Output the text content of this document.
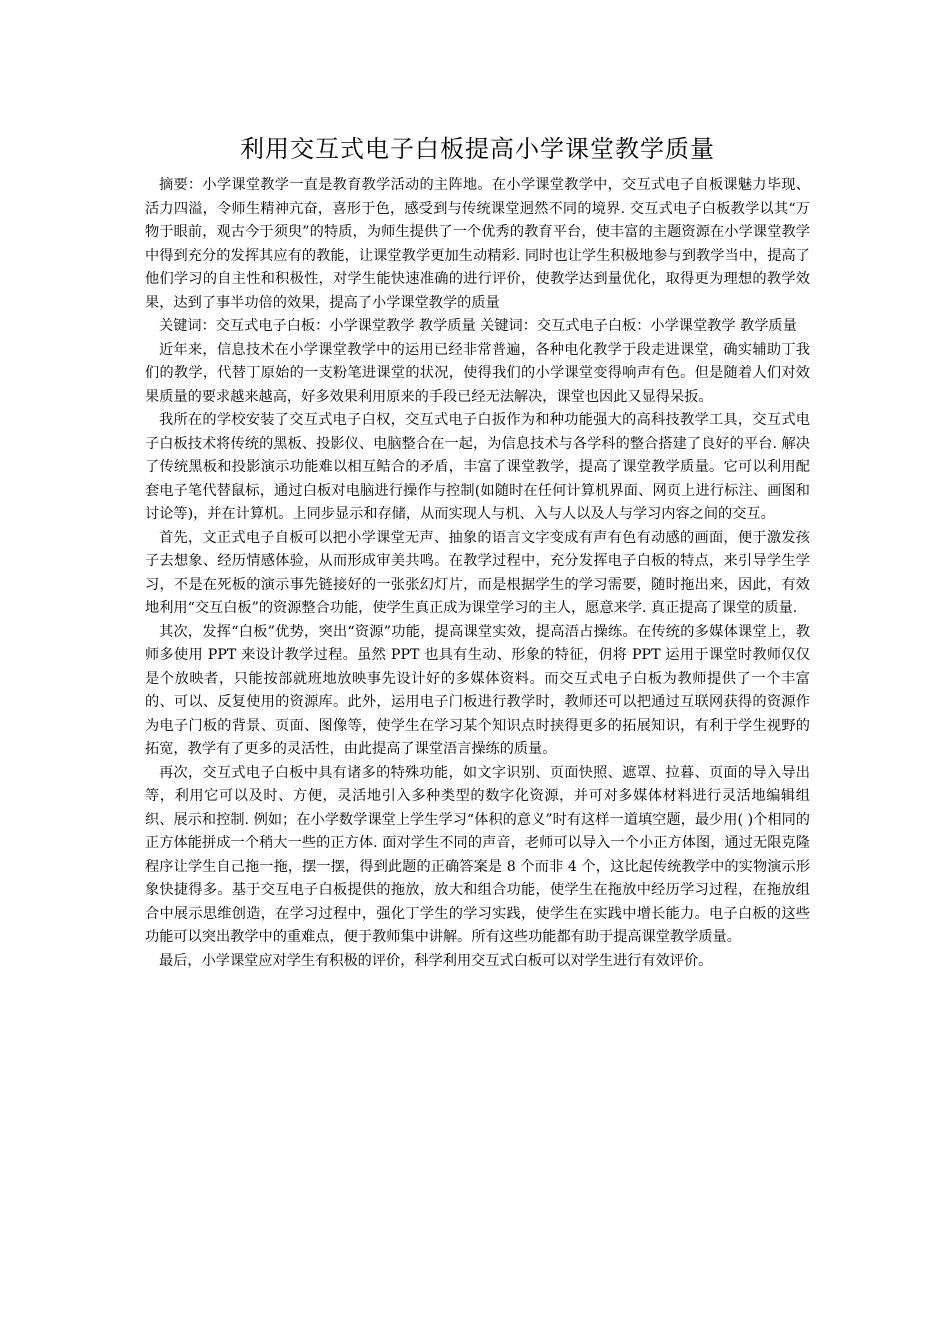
利用交互式电子白板提高小学课堂教学质量

摘要：小学课堂教学一直是教育教学活动的主阵地。在小学课堂教学中，交互式电子自板课魅力毕现、活力四溢，令师生精神亢奋，喜形于色，感受到与传统课堂迥然不同的境界. 交互式电子白板教学以其“万物于眼前，观古今于须臾”的特质，为师生提供了一个优秀的教育平台，使丰富的主题资源在小学课堂教学中得到充分的发挥其应有的教能，让课堂教学更加生动精彩. 同时也让学生积极地参与到教学当中，提高了他们学习的自主性和积极性，对学生能快速准确的进行评价，使教学达到量优化，取得更为理想的教学效果，达到了事半功倍的效果，提高了小学课堂教学的质量

关键词：交互式电子白板：小学课堂教学 教学质量 关键词：交互式电子白板：小学课堂教学 教学质量

近年来，信息技术在小学课堂教学中的运用已经非常普遍，各种电化教学于段走进课堂，确实辅助丁我们的教学，代替丁原始的一支粉笔进课堂的状况，使得我们的小学课堂变得响声有色。但是随着人们对效果质量的要求越来越高，好多效果利用原来的手段已经无法解决，课堂也因此又显得呆扳。

我所在的学校安装了交互式电子白权，交互式电子白扳作为和种功能强大的高科技教学工具，交互式电子白板技术将传统的黑板、投影仪、电脑整合在一起，为信息技术与各学科的整合搭建了良好的平台. 解决了传统黑板和投影演示功能难以相互鲒合的矛盾，丰富了课堂教学，提高了课堂教学质量。它可以利用配套电子笔代替鼠标，通过白板对电脑进行操作与控制(如随时在任何计算机界面、网页上进行标注、画图和讨论等)，并在计算机。上同步显示和存储，从而实现人与机、入与人以及人与学习内容之间的交互。

首先，文正式电子自板可以把小学课堂无声、抽象的语言文字变成有声有色有动感的画面，便于激发孩子去想象、经历情感体验，从而形成审美共鸣。在教学过程中，充分发挥电子白板的特点，来引导学生学习，不是在死板的演示事先链接好的一张张幻灯片，而是根据学生的学习需要，随时拖出来，因此，有效地利用“交互白板”的资源整合功能，使学生真正成为课堂学习的主人，愿意来学. 真正提高了课堂的质量.

其次，发挥“白板”优势，突出“资源”功能，提高课堂实效，提高浯占操练。在传统的多媒体课堂上，教师多使用 PPT 来设计教学过程。虽然 PPT 也具有生动、形象的特征，仴将 PPT 运用于课堂时教师仅仅是个放映者，只能按部就班地放映事先设计好的多媒体资料。而交互式电子白板为教师提供了一个丰富的、可以、反复使用的资源库。此外，运用电子门板进行教学时，教师还可以把通过互联网获得的资源作为电子门板的背景、页面、图像等，使学生在学习某个知识点时挟得更多的拓展知识，有利于学生视野的拓宽，教学有了更多的灵活性，由此提高了课堂浯言操练的质量。

再次，交互式电子白板中具有诸多的特殊功能，如文字识别、页面快照、遮罩、拉暮、页面的导入导出等，利用它可以及时、方便，灵活地引入多种类型的数字化资源，并可对多媒体材料进行灵活地编辑组织、展示和控制. 例如；在小学数学课堂上学生学习“体积的意义”时有这样一道填空题，最少用( )个相同的正方体能拼成一个稍大一些的正方体. 面对学生不同的声音，老师可以导入一个小正方体图，通过无限克隆程序让学生自己拖一拖，摆一摆，得到此题的正确答案是 8 个而非 4 个，这比起传统教学中的实物演示形象快捷得多。基于交互电子白板提供的拖放，放大和组合功能，使学生在拖放中经历学习过程，在拖放组合中展示思维创造，在学习过程中，强化丁学生的学习实践，使学生在实践中增长能力。电子白板的这些功能可以突出教学中的重难点，便于教师集中讲解。所有这些功能都有助于提高课堂教学质量。

最后，小学课堂应对学生有积极的评价，科学利用交互式白板可以对学生进行有效评价。
